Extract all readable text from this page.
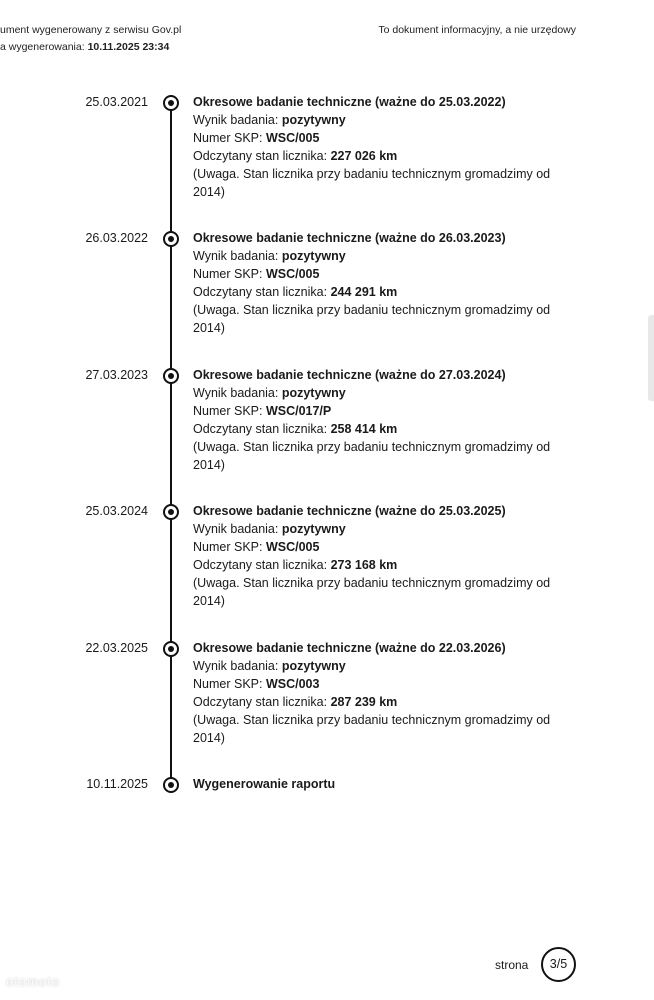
ument wygenerowany z serwisu Gov.pl
a wygenerowania: 10.11.2025 23:34
To dokument informacyjny, a nie urzędowy
25.03.2021	Okresowe badanie techniczne (ważne do 25.03.2022)
Wynik badania: pozytywny
Numer SKP: WSC/005
Odczytany stan licznika: 227 026 km
(Uwaga. Stan licznika przy badaniu technicznym gromadzimy od 2014)
26.03.2022	Okresowe badanie techniczne (ważne do 26.03.2023)
Wynik badania: pozytywny
Numer SKP: WSC/005
Odczytany stan licznika: 244 291 km
(Uwaga. Stan licznika przy badaniu technicznym gromadzimy od 2014)
27.03.2023	Okresowe badanie techniczne (ważne do 27.03.2024)
Wynik badania: pozytywny
Numer SKP: WSC/017/P
Odczytany stan licznika: 258 414 km
(Uwaga. Stan licznika przy badaniu technicznym gromadzimy od 2014)
25.03.2024	Okresowe badanie techniczne (ważne do 25.03.2025)
Wynik badania: pozytywny
Numer SKP: WSC/005
Odczytany stan licznika: 273 168 km
(Uwaga. Stan licznika przy badaniu technicznym gromadzimy od 2014)
22.03.2025	Okresowe badanie techniczne (ważne do 22.03.2026)
Wynik badania: pozytywny
Numer SKP: WSC/003
Odczytany stan licznika: 287 239 km
(Uwaga. Stan licznika przy badaniu technicznym gromadzimy od 2014)
10.11.2025	Wygenerowanie raportu
strona	3/5
otomoto
